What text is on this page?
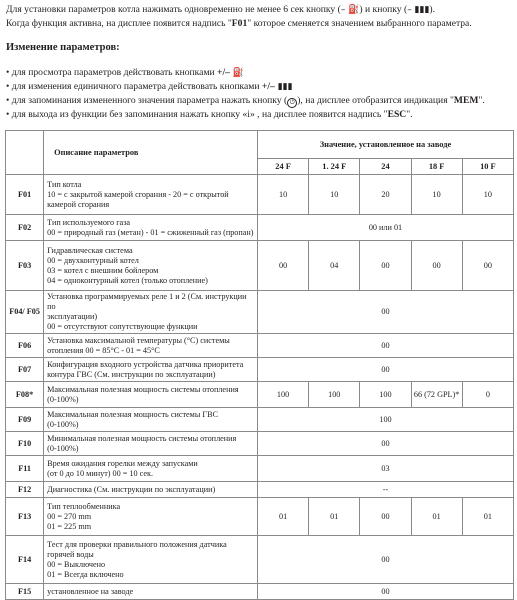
Для установки параметров котла нажимать одновременно не менее 6 сек кнопку (– ⛽) и кнопку (– ▮▮▮).
Когда функция активна, на дисплее появится надпись "F01" которое сменяется значением выбранного параметра.
Изменение параметров:
• для просмотра параметров действовать кнопками +/– ⛽
• для изменения единичного параметра действовать кнопками +/– ▮▮▮
• для запоминания измененного значения параметра нажать кнопку ( ⏻ ), на дисплее отобразится индикация "MEM".
• для выхода из функции без запоминания нажать кнопку «i» , на дисплее появится надпись "ESC".
	Описание параметров	Значение, установленное на заводе				
		24 F	1. 24 F	24	18 F	10 F
F01	Тип котла
10 = с закрытой камерой сгорания - 20 = с открытой
камерой сгорания	10	10	20	10	10
F02	Тип используемого газа
00 = природный газ (метан) - 01 = сжиженный газ (пропан)	00 или 01				
F03	Гидравлическая система
00 = двухконтурный котел
03 = котел с внешним бойлером
04 = одноконтурный котел (только отопление)	00	04	00	00	00
F04/ F05	Установка программируемых реле 1 и 2 (См. инструкции по
эксплуатации)
00 = отсутствуют сопутствующие функции	00				
F06	Установка максимальной температуры (°C) системы
отопления 00 = 85°C - 01 = 45°C	00				
F07	Конфигурация входного устройства датчика приоритета
контура ГВС (См. инструкции по эксплуатации)	00				
F08*	Максимальная полезная мощность системы отопления
(0-100%)	100	100	100	66 (72 GPL)*	0
F09	Максимальная полезная мощность системы ГВС
(0-100%)	100				
F10	Минимальная полезная мощность системы отопления
(0-100%)	00				
F11	Время ожидания горелки между запусками
(от 0 до 10 минут) 00 = 10 сек.	03				
F12	Диагностика (См. инструкции по эксплуатации)	--				
F13	Тип теплообменника
00 = 270 mm
01 = 225 mm	01	01	00	01	01
F14	Тест для проверки правильного положения датчика
горячей воды
00 = Выключено
01 = Всегда включено	00				
F15	установленное на заводе	00				
